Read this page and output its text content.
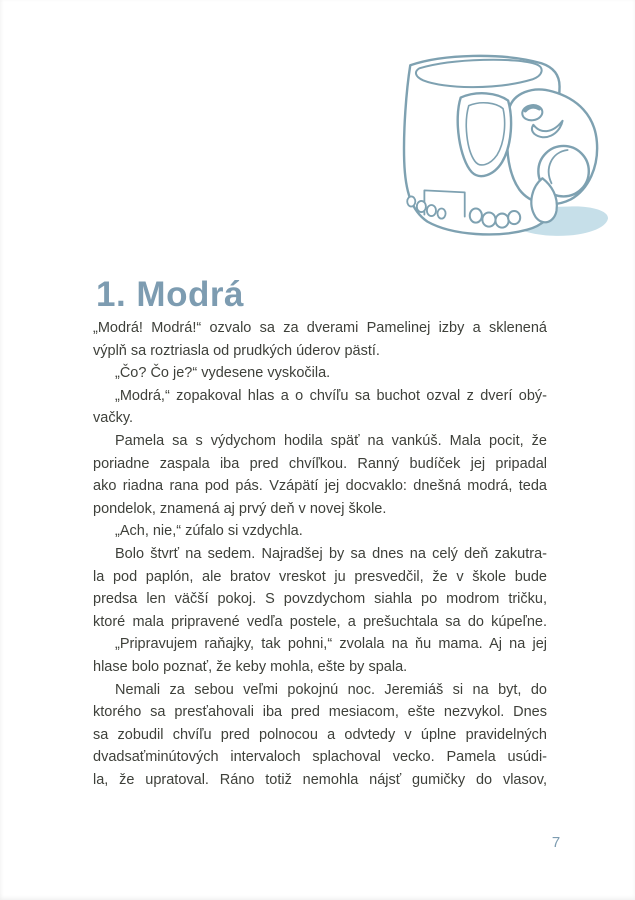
1. Modrá
„Modrá! Modrá!“ ozvalo sa za dverami Pamelinej izby a sklenená
výplň sa roztriasla od prudkých úderov pästí.
„Čo? Čo je?“ vydesene vyskočila.
„Modrá,“ zopakoval hlas a o chvíľu sa buchot ozval z dverí obý-
vačky.
Pamela sa s výdychom hodila späť na vankúš. Mala pocit, že
poriadne zaspala iba pred chvíľkou. Ranný budíček jej pripadal
ako riadna rana pod pás. Vzápätí jej docvaklo: dnešná modrá, teda
pondelok, znamená aj prvý deň v novej škole.
„Ach, nie,“ zúfalo si vzdychla.
Bolo štvrť na sedem. Najradšej by sa dnes na celý deň zakutra-
la pod paplón, ale bratov vreskot ju presvedčil, že v škole bude
predsa len väčší pokoj. S povzdychom siahla po modrom tričku,
ktoré mala pripravené vedľa postele, a prešuchtala sa do kúpeľne.
„Pripravujem raňajky, tak pohni,“ zvolala na ňu mama. Aj na jej
hlase bolo poznať, že keby mohla, ešte by spala.
Nemali za sebou veľmi pokojnú noc. Jeremiáš si na byt, do
ktorého sa presťahovali iba pred mesiacom, ešte nezvykol. Dnes
sa zobudil chvíľu pred polnocou a odvtedy v úplne pravidelných
dvadsaťminútových intervaloch splachoval vecko. Pamela usúdi-
la, že upratoval. Ráno totiž nemohla nájsť gumičky do vlasov,
7
